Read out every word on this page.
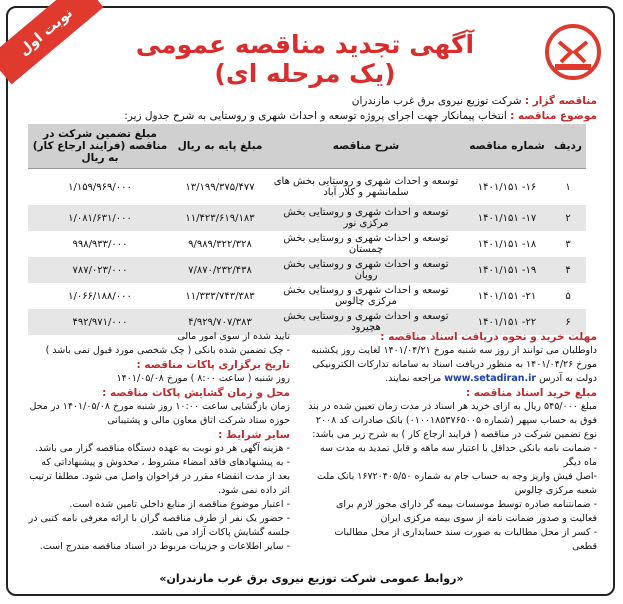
نوبت اول	آگهی تجدید مناقصه عمومی (یک مرحله ای)

مناقصه گزار : شرکت توزیع نیروی برق غرب مازندران

موضوع مناقصه : انتخاب پیمانکار جهت اجرای پروژه توسعه و احداث شهری و روستایی به شرح جدول زیر:

ردیف	شماره مناقصه	شرح مناقصه	مبلغ پایه به ریال	مبلغ تضمین شرکت در مناقصه (فرایند ارجاع کار) به ریال
۱	۱۶- ۱۴۰۱/۱۵۱	توسعه و احداث شهری و روستایی بخش های سلمانشهر و کلار آباد	۱۳/۱۹۹/۳۷۵/۴۷۷	۱/۱۵۹/۹۶۹/۰۰۰
۲	۱۷- ۱۴۰۱/۱۵۱	توسعه و احداث شهری و روستایی بخش مرکزی نور	۱۱/۴۲۳/۶۱۹/۱۸۳	۱/۰۸۱/۶۳۱/۰۰۰
۳	۱۸- ۱۴۰۱/۱۵۱	توسعه و احداث شهری و روستایی بخش چمستان	۹/۹۸۹/۳۲۲/۳۲۸	۹۹۸/۹۳۳/۰۰۰
۴	۱۹- ۱۴۰۱/۱۵۱	توسعه و احداث شهری و روستایی بخش رویان	۷/۸۷۰/۲۳۲/۴۳۸	۷۸۷/۰۲۳/۰۰۰
۵	۲۱- ۱۴۰۱/۱۵۱	توسعه و احداث شهری و روستایی بخش مرکزی چالوس	۱۱/۳۳۳/۷۴۳/۳۸۳	۱/۰۶۶/۱۸۸/۰۰۰
۶	۲۲- ۱۴۰۱/۱۵۱	توسعه و احداث شهری و روستایی بخش هچیرود	۴/۹۲۹/۷۰۷/۳۸۳	۴۹۲/۹۷۱/۰۰۰

مهلت خرید و نحوه دریافت اسناد مناقصه :

داوطلبان می توانند از روز سه شنبه مورخ ۱۴۰۱/۰۴/۲۱ لغایت روز یکشنبه مورخ ۱۴۰۱/۰۴/۲۶ به منظور دریافت اسناد به سامانه تدارکات الکترونیکی دولت به آدرس www.setadiran.ir مراجعه نمایند.

مبلغ خرید اسناد مناقصه :

مبلغ ۵۴۵/۰۰۰ ریال به ازای خرید هر اسناد در مدت زمان تعیین شده در بند فوق به حساب سپهر (شماره ۰۱۰۰۱۸۵۳۷۶۵۰۰۵) بانک صادرات کد ۲۰۰۸

نوع تضمین شرکت در مناقصه ( فرایند ارجاع کار ) به شرح زیر می باشد:

- ضمانت نامه بانکی حداقل با اعتبار سه ماهه و قابل تمدید به مدت سه ماه دیگر

-اصل فیش واریز وجه به حساب جام به شماره ۱۶۷۲۰۴۰۵/۵۰ بانک ملت شعبه مرکزی چالوس

- ضمانتنامه صادره توسط موسسات بیمه گر دارای مجوز لازم برای فعالیت و صدور ضمانت نامه از سوی بیمه مرکزی ایران

- کسر از محل مطالبات به صورت سند حسابداری از محل مطالبات قطعی

تایید شده از سوی امور مالی

- چک تضمین شده بانکی ( چک شخصی مورد قبول نمی باشد )

تاریخ برگزاری پاکات مناقصه :

روز شنبه ( ساعت ۸:۰۰ ) مورخ ۱۴۰۱/۰۵/۰۸

محل و زمان گشایش پاکات مناقصه :

زمان بازگشایی ساعت ۱۰:۰۰ روز شنبه مورخ ۱۴۰۱/۰۵/۰۸ در محل حوزه ستاد شرکت اتاق معاون مالی و پشتیبانی

سایر شرایط :

- هزینه آگهی هر دو نوبت به عهده دستگاه مناقصه گزار می باشد.

- به پیشنهادهای فاقد امضاء مشروط ، مخدوش و پیشنهاداتی که بعد از مدت انقضاء مقرر در فراخوان واصل می شود. مطلقا ترتیب اثر داده نمی شود.

- اعتبار موضوع مناقصه از منابع داخلی تامین شده است.

- حضور یک نفر از طرف مناقصه گران با ارائه معرفی نامه کتبی در جلسه گشایش پاکات آزاد می باشد.

- سایر اطلاعات و جزییات مربوط در اسناد مناقصه مندرج است.

«روابط عمومی شرکت توزیع نیروی برق غرب مازندران»
